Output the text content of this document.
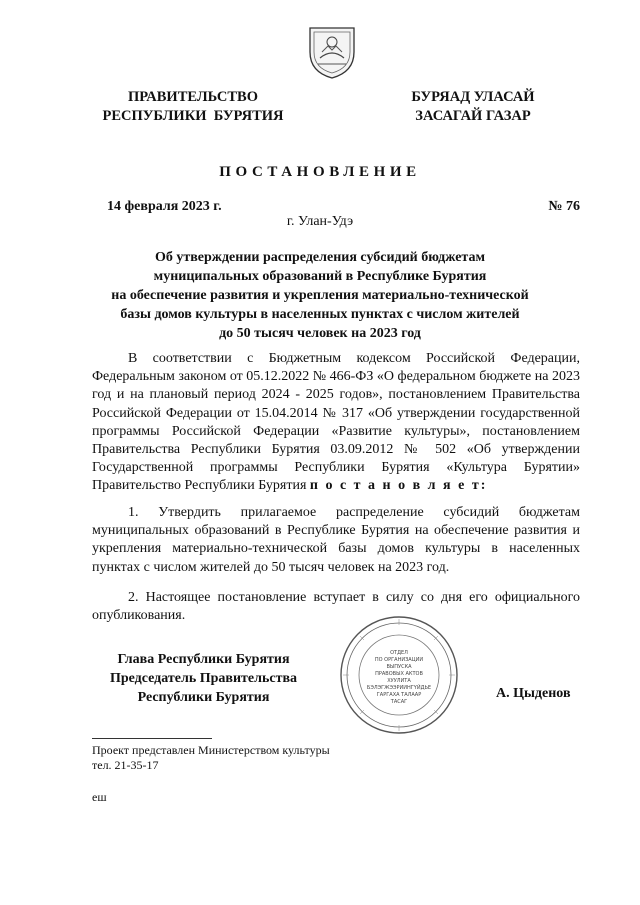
ПРАВИТЕЛЬСТВО
РЕСПУБЛИКИ  БУРЯТИЯ
БУРЯАД УЛАСАЙ
ЗАСАГАЙ ГАЗАР
ПОСТАНОВЛЕНИЕ
14 февраля 2023 г.	№ 76
г. Улан-Удэ
Об утверждении распределения субсидий бюджетам
муниципальных образований в Республике Бурятия
на обеспечение развития и укрепления материально-технической
базы домов культуры в населенных пунктах с числом жителей
до 50 тысяч человек на 2023 год
В соответствии с Бюджетным кодексом Российской Федерации, Федеральным законом от 05.12.2022 № 466-ФЗ «О федеральном бюджете на 2023 год и на плановый период 2024 - 2025 годов», постановлением Правительства Российской Федерации от 15.04.2014 № 317 «Об утверждении государственной программы Российской Федерации «Развитие культуры», постановлением Правительства Республики Бурятия 03.09.2012 № 502 «Об утверждении Государственной программы Республики Бурятия «Культура Бурятии» Правительство Республики Бурятия п о с т а н о в л я е т:
1. Утвердить прилагаемое распределение субсидий бюджетам муниципальных образований в Республике Бурятия на обеспечение развития и укрепления материально-технической базы домов культуры в населенных пунктах с числом жителей до 50 тысяч человек на 2023 год.
2. Настоящее постановление вступает в силу со дня его официального опубликования.
ОТДЕЛ
ПО ОРГАНИЗАЦИИ
ВЫПУСКА
ПРАВОВЫХ АКТОВ
ХУУЛИТА
БЭЛЭГЖЭЭРИИНГҮЙДЬЕ
ГАРГАХА ТАЛААР
ТАСАГ
Глава Республики Бурятия
Председатель Правительства
Республики Бурятия	А. Цыденов
Проект представлен Министерством культуры
тел. 21-35-17
еш
